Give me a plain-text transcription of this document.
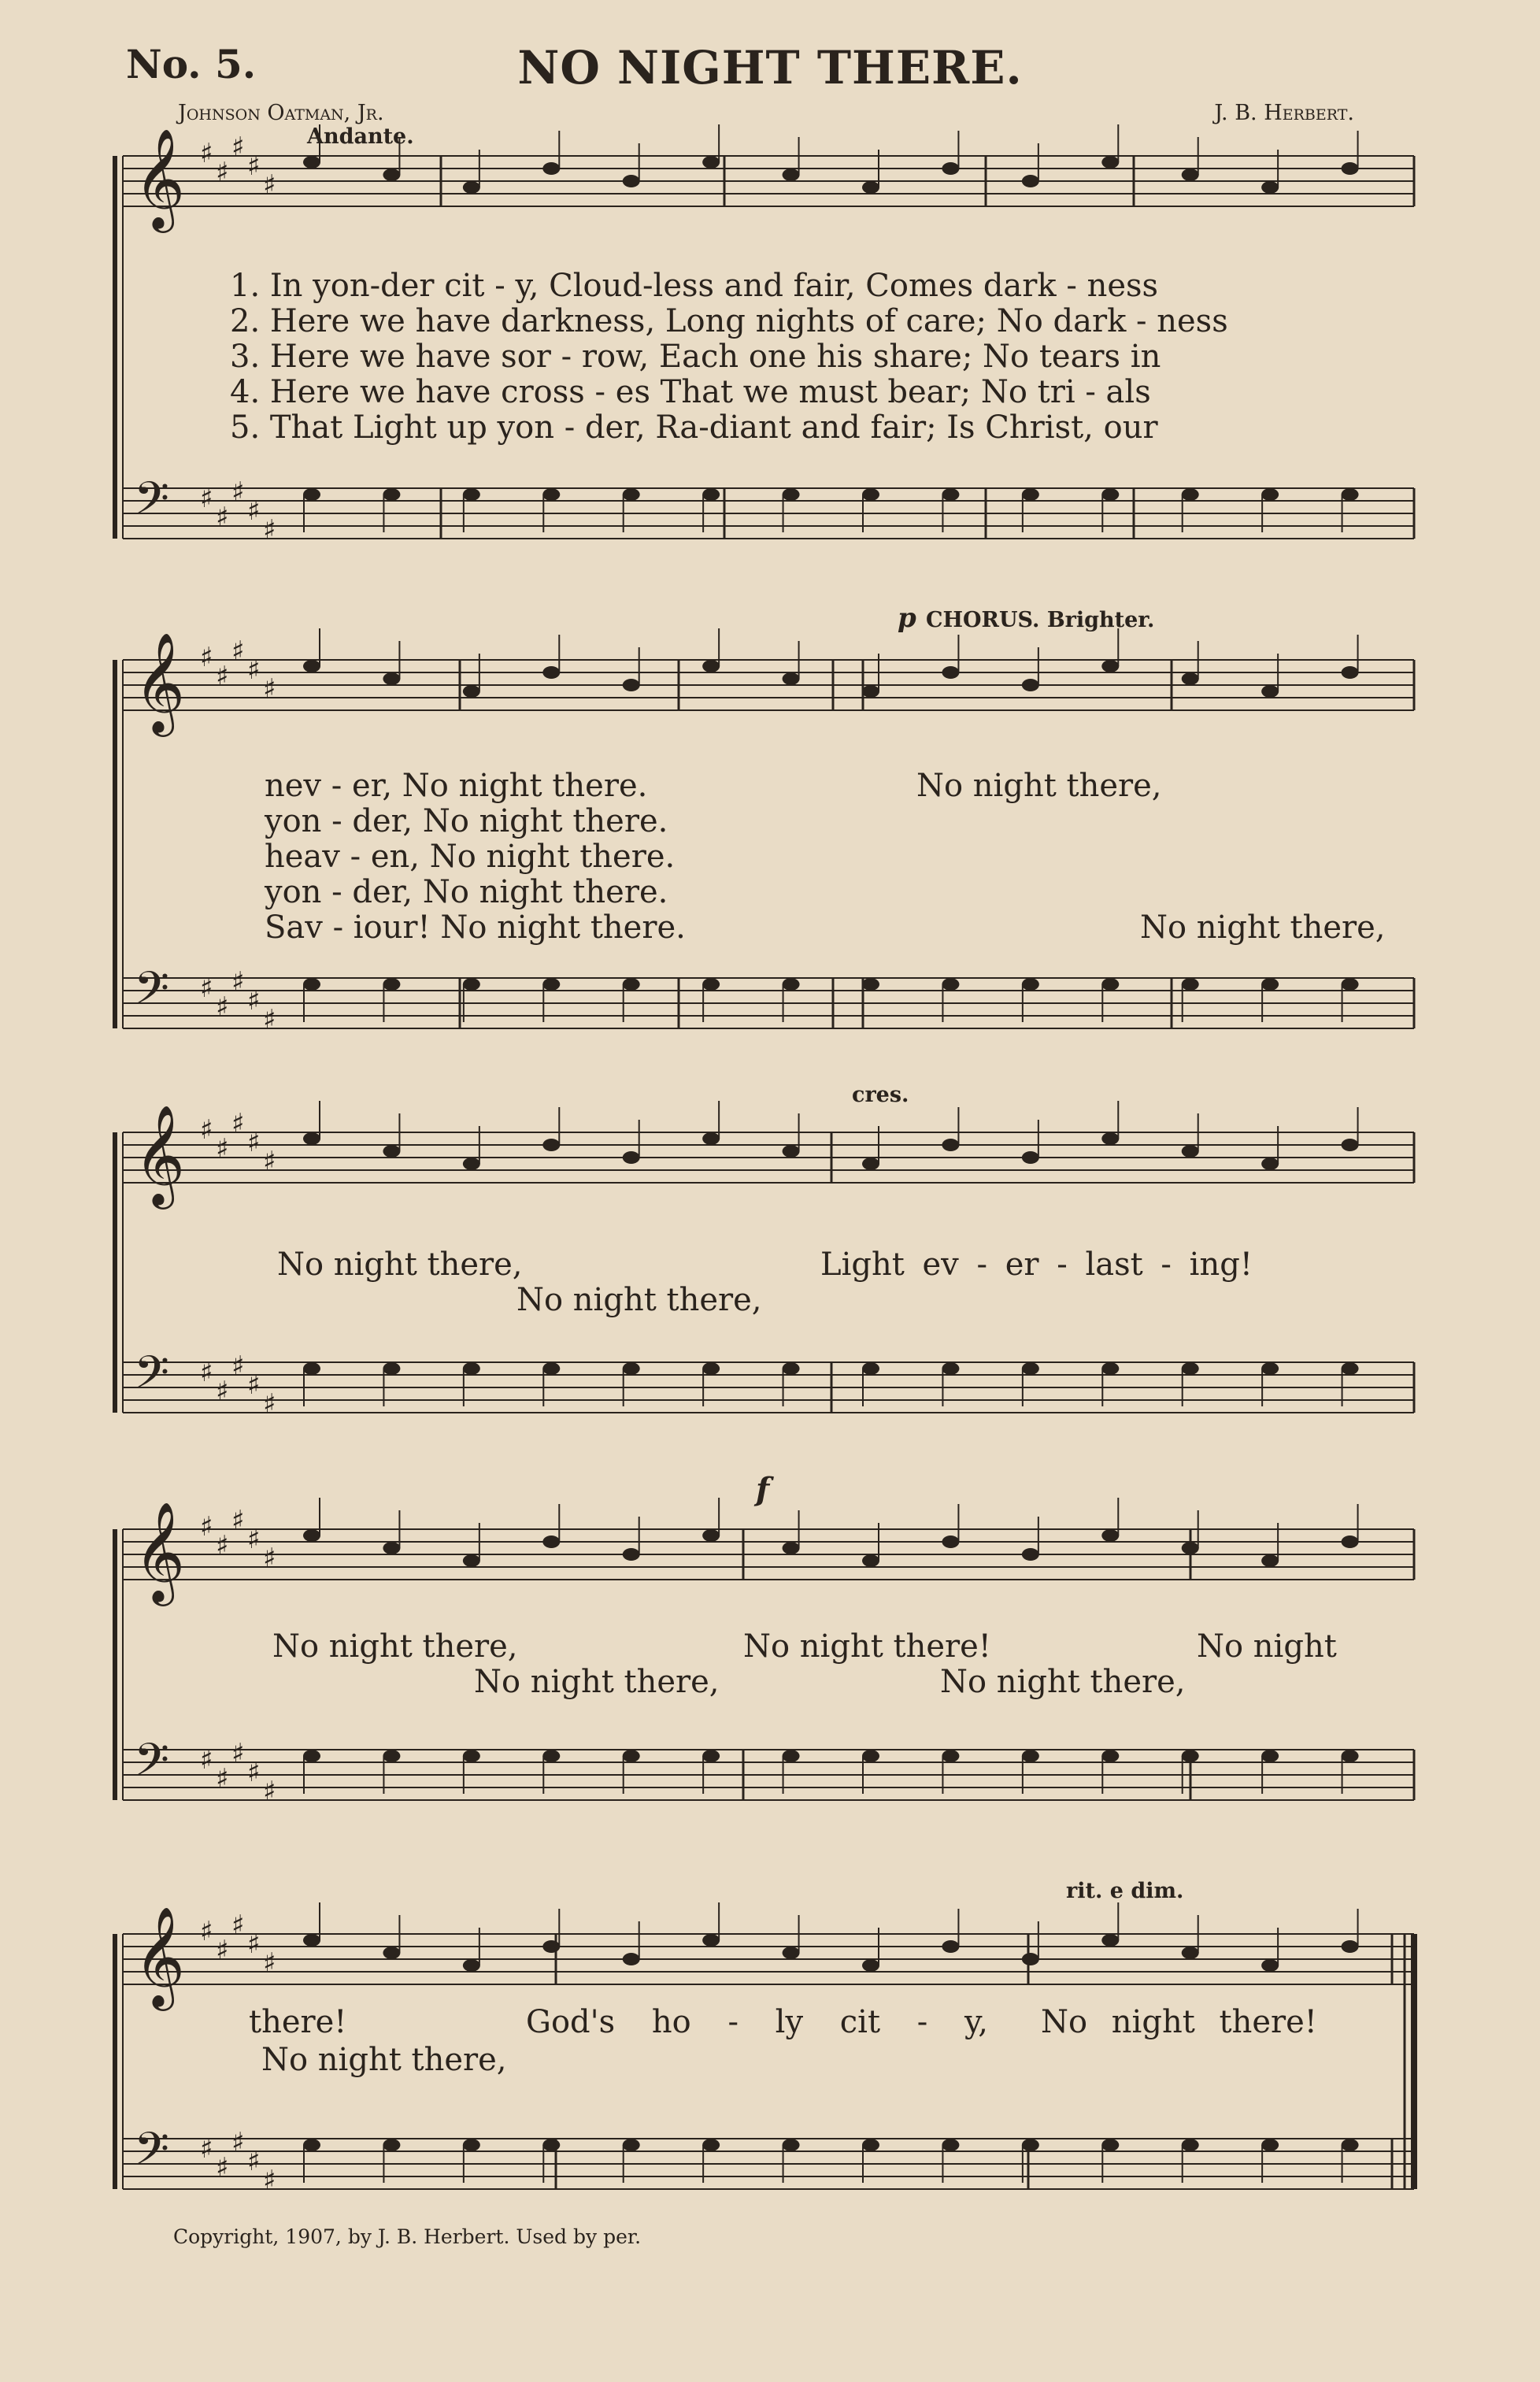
No. 5.	NO NIGHT THERE.
Johnson Oatman, Jr.	J. B. Herbert.
Andante.
𝄞 ♯
♯
♯
♯
♯
𝄢 ♯
♯
♯
♯
♯
𝄞 ♯
♯
♯
♯
♯
𝄢 ♯
♯
♯
♯
♯
𝄞 ♯
♯
♯
♯
♯
𝄢 ♯
♯
♯
♯
♯
𝄞 ♯
♯
♯
♯
♯
𝄢 ♯
♯
♯
♯
♯
𝄞 ♯
♯
♯
♯
♯
𝄢 ♯
♯
♯
♯
♯
1. In yon-der cit - y, Cloud-less and fair, Comes dark - ness
2. Here we have darkness, Long nights of care; No dark - ness
3. Here we have sor - row, Each one his share; No tears in
4. Here we have cross - es That we must bear; No tri - als
5. That Light up yon - der, Ra-diant and fair; Is Christ, our
p CHORUS. Brighter.
nev - er, No night there.
yon - der, No night there.
heav - en, No night there.
yon - der, No night there.
Sav - iour! No night there.
No night there,
No night there,
cres.
No night there,	Light ev - er - last - ing!
No night there,
f
No night there,	No night there!	No night
No night there,	No night there,
rit. e dim.
there!	God's ho - ly cit - y, No night there!
No night there,
Copyright, 1907, by J. B. Herbert. Used by per.
